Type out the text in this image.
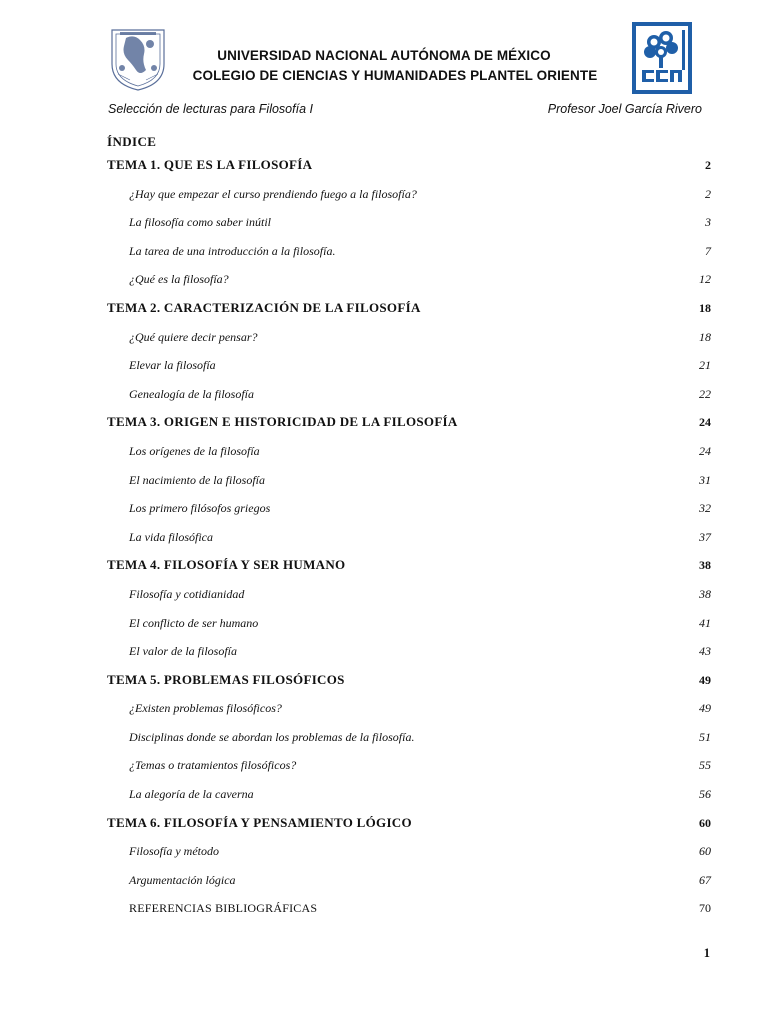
UNIVERSIDAD NACIONAL AUTÓNOMA DE MÉXICO
COLEGIO DE CIENCIAS Y HUMANIDADES PLANTEL ORIENTE
Selección de lecturas para Filosofía I	Profesor Joel García Rivero
ÍNDICE
TEMA 1. QUE ES LA FILOSOFÍA	2
¿Hay que empezar el curso prendiendo fuego a la filosofía?	2
La filosofía como saber inútil	3
La tarea de una introducción a la filosofía.	7
¿Qué es la filosofía?	12
TEMA 2. CARACTERIZACIÓN DE LA FILOSOFÍA	18
¿Qué quiere decir pensar?	18
Elevar la filosofía	21
Genealogía de la filosofía	22
TEMA 3. ORIGEN E HISTORICIDAD DE LA FILOSOFÍA	24
Los orígenes de la filosofía	24
El nacimiento de la filosofía	31
Los primero filósofos griegos	32
La vida filosófica	37
TEMA 4. FILOSOFÍA Y SER HUMANO	38
Filosofía y cotidianidad	38
El conflicto de ser humano	41
El valor de la filosofía	43
TEMA 5. PROBLEMAS FILOSÓFICOS	49
¿Existen problemas filosóficos?	49
Disciplinas donde se abordan los problemas de la filosofía.	51
¿Temas o tratamientos filosóficos?	55
La alegoría de la caverna	56
TEMA 6. FILOSOFÍA Y PENSAMIENTO LÓGICO	60
Filosofía y método	60
Argumentación lógica	67
REFERENCIAS BIBLIOGRÁFICAS	70
1
